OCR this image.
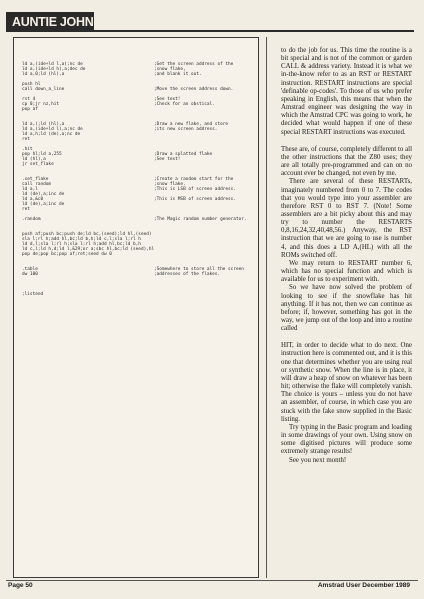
AUNTIE JOHN
ld a,(ide+ld l,a);nc de
ld a,(ide+ld h),a;dec de
ld a,0;ld (hl),a

push hl
call down_a_line

rst 4
cp 0;jr nz,hit
pop af

ld a,(;ld (hl),a
ld a,(ide+ld l),a;nc de
ld a,h;ld (de),a;nc de
ret

.hit
pop hl;ld a,255
ld (hl),a
jr set_flake

.set_flake
call random
ld a,l
ld (de),a;inc de
ld a,&c0
ld (de),a;inc de
ret

.random

push af;push bc;push de;ld bc,(seed);ld hl,(seed)
sla l;rl h;add hl,bc;ld b,h;ld c,l;sla l;rl h
ld d,l;sla l;rl h;sla l;rl h;add hl,bc;ld b,h
ld c,l;ld h,d;ld l,&29;or a;sbc hl,bc;ld (seed),hl
pop de;pop bc;pop af;ret;seed dw 0

.table
dw 100

;listend
;Get the screen address of the
;snow flake,
;and blank it out.

;Move the screen address down.

;See text!
;Check for an obstical.

;Draw a new flake, and store
;its new screen address.

;Draw a splatted flake
;See text!

;Create a random start for the
;snow flake.
;This is LSB of screen address.

;This is MSB of screen address.

;The Magic random number generator.

;Somewhere to store all the screen
;addresses of the flakes.

to do the job for us. This time the routine is a bit special and is not of the common or garden CALL & address variety. Instead it is what we in-the-know refer to as an RST or RESTART instruction. RESTART instructions are special 'definable op-codes'. To those of us who prefer speaking in English, this means that when the Amstrad engineer was designing the way in which the Amstrad CPC was going to work, he decided what would happen if one of these special RESTART instructions was executed.

These are, of course, completely different to all the other instructions that the Z80 uses; they are all totally pre-programmed and can on no account ever be changed, not even by me.

There are several of these RESTARTs, imaginately numbered from 0 to 7. The codes that you would type into your assembler are therefore RST 0 to RST 7. (Note! Some assemblers are a bit picky about this and may try to number the RESTARTS 0,8,16,24,32,40,48,56.) Anyway, the RST instruction that we are going to use is number 4, and this does a LD A,(HL) with all the ROMs switched off.

We may return to RESTART number 6, which has no special function and which is available for us to experiment with.

So we have now solved the problem of looking to see if the snowflake has hit anything. If it has not, then we can continue as before; if, however, something has got in the way, we jump out of the loop and into a routine called

HIT, in order to decide what to do next. One instruction here is commented out, and it is this one that determines whether you are using real or synthetic snow. When the line is in place, it will draw a heap of snow on whatever has been hit; otherwise the flake will completely vanish. The choice is yours – unless you do not have an assembler, of course, in which case you are stuck with the fake snow supplied in the Basic listing.

Try typing in the Basic program and loading in some drawings of your own. Using snow on some digitised pictures will produce some extremely strange results!

See you next month!

Page 50	Amstrad User December 1989
